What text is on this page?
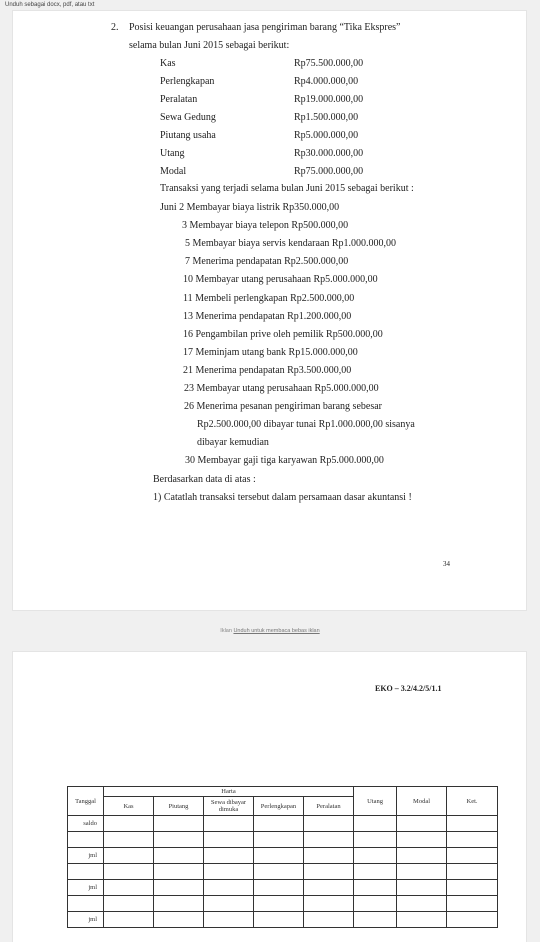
Unduh sebagai docx, pdf, atau txt
2. Posisi keuangan perusahaan jasa pengiriman barang “Tika Ekspres”
selama bulan Juni 2015 sebagai berikut:
Kas	Rp75.500.000,00
Perlengkapan	Rp4.000.000,00
Peralatan	Rp19.000.000,00
Sewa Gedung	Rp1.500.000,00
Piutang usaha	Rp5.000.000,00
Utang	Rp30.000.000,00
Modal	Rp75.000.000,00
Transaksi yang terjadi selama bulan Juni 2015 sebagai berikut :
Juni 2 Membayar biaya listrik Rp350.000,00
3 Membayar biaya telepon Rp500.000,00
5 Membayar biaya servis kendaraan Rp1.000.000,00
7 Menerima pendapatan Rp2.500.000,00
10 Membayar utang perusahaan Rp5.000.000,00
11 Membeli perlengkapan Rp2.500.000,00
13 Menerima pendapatan Rp1.200.000,00
16 Pengambilan prive oleh pemilik Rp500.000,00
17 Meminjam utang bank Rp15.000.000,00
21 Menerima pendapatan Rp3.500.000,00
23 Membayar utang perusahaan Rp5.000.000,00
26 Menerima pesanan pengiriman barang sebesar
Rp2.500.000,00 dibayar tunai Rp1.000.000,00 sisanya
dibayar kemudian
30 Membayar gaji tiga karyawan Rp5.000.000,00
Berdasarkan data di atas :
1) Catatlah transaksi tersebut dalam persamaan dasar akuntansi !
34
Iklan Unduh untuk membaca bebas iklan
EKO – 3.2/4.2/5/1.1
Tanggal	Harta					Utang	Modal	Ket.
	Kas	Piutang	Sewa dibayar dimuka	Perlengkapan	Peralatan			
saldo								

jml								

jml								

jml								
